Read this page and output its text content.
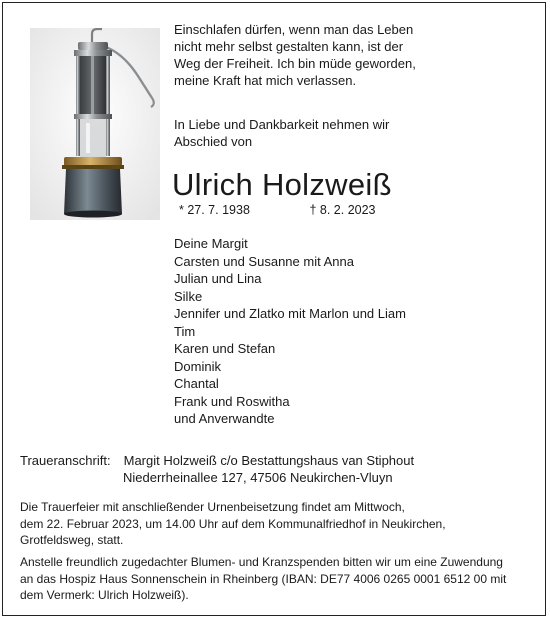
Einschlafen dürfen, wenn man das Leben
nicht mehr selbst gestalten kann, ist der
Weg der Freiheit. Ich bin müde geworden,
meine Kraft hat mich verlassen.

In Liebe und Dankbarkeit nehmen wir
Abschied von

Ulrich Holzweiß
* 27. 7. 1938	† 8. 2. 2023
Deine Margit
Carsten und Susanne mit Anna
Julian und Lina
Silke
Jennifer und Zlatko mit Marlon und Liam
Tim
Karen und Stefan
Dominik
Chantal
Frank und Roswitha
und Anverwandte
Traueranschrift: Margit Holzweiß c/o Bestattungshaus van Stiphout
Niederrheinallee 127, 47506 Neukirchen-Vluyn

Die Trauerfeier mit anschließender Urnenbeisetzung findet am Mittwoch,
dem 22. Februar 2023, um 14.00 Uhr auf dem Kommunalfriedhof in Neukirchen,
Grotfeldsweg, statt.

Anstelle freundlich zugedachter Blumen- und Kranzspenden bitten wir um eine Zuwendung
an das Hospiz Haus Sonnenschein in Rheinberg (IBAN: DE77 4006 0265 0001 6512 00 mit
dem Vermerk: Ulrich Holzweiß).
